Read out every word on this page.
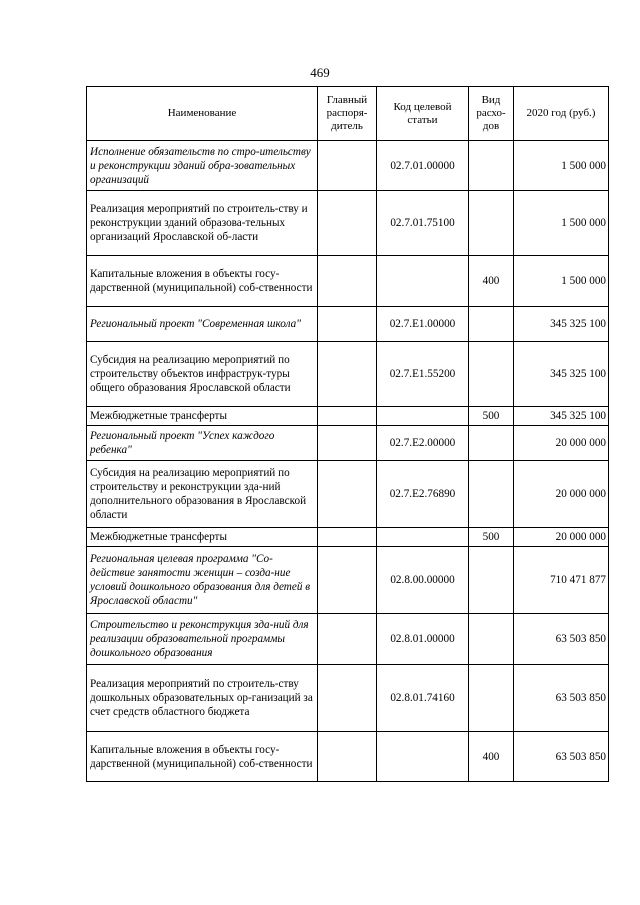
469
Наименование	Главный распоря-дитель	Код целевой статьи	Вид расхо-дов	2020 год (руб.)
Исполнение обязательств по стро-ительству и реконструкции зданий обра-зовательных организаций		02.7.01.00000		1 500 000
Реализация мероприятий по строитель-ству и реконструкции зданий образова-тельных организаций Ярославской об-ласти		02.7.01.75100		1 500 000
Капитальные вложения в объекты госу-дарственной (муниципальной) соб-ственности			400	1 500 000
Региональный проект "Современная школа"		02.7.E1.00000		345 325 100
Субсидия на реализацию мероприятий по строительству объектов инфраструк-туры общего образования Ярославской области		02.7.E1.55200		345 325 100
Межбюджетные трансферты			500	345 325 100
Региональный проект "Успех каждого ребенка"		02.7.E2.00000		20 000 000
Субсидия на реализацию мероприятий по строительству и реконструкции зда-ний дополнительного образования в Ярославской области		02.7.E2.76890		20 000 000
Межбюджетные трансферты			500	20 000 000
Региональная целевая программа "Со-действие занятости женщин – созда-ние условий дошкольного образования для детей в Ярославской области"		02.8.00.00000		710 471 877
Строительство и реконструкция зда-ний для реализации образовательной программы дошкольного образования		02.8.01.00000		63 503 850
Реализация мероприятий по строитель-ству дошкольных образовательных ор-ганизаций за счет средств областного бюджета		02.8.01.74160		63 503 850
Капитальные вложения в объекты госу-дарственной (муниципальной) соб-ственности			400	63 503 850
